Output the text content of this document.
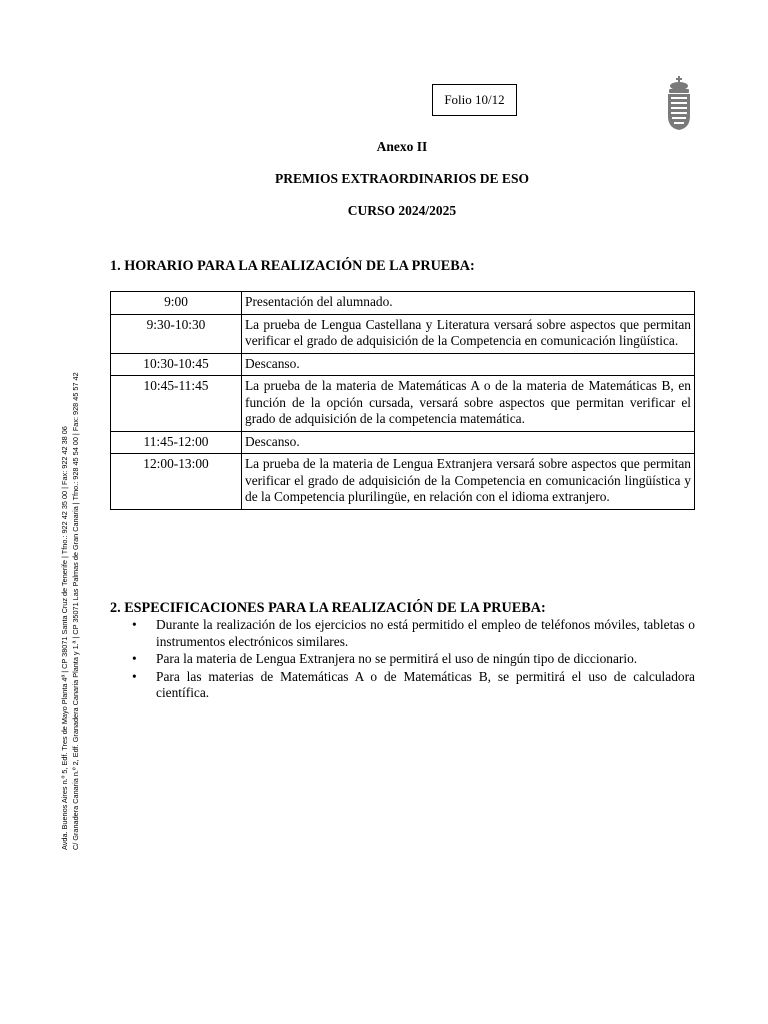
Folio 10/12
Anexo II
PREMIOS EXTRAORDINARIOS DE ESO
CURSO 2024/2025
1. HORARIO PARA LA REALIZACIÓN DE LA PRUEBA:
9:00	Presentación del alumnado.
9:30-10:30	La prueba de Lengua Castellana y Literatura versará sobre aspectos que permitan verificar el grado de adquisición de la Competencia en comunicación lingüística.
10:30-10:45	Descanso.
10:45-11:45	La prueba de la materia de Matemáticas A o de la materia de Matemáticas B, en función de la opción cursada, versará sobre aspectos que permitan verificar el grado de adquisición de la competencia matemática.
11:45-12:00	Descanso.
12:00-13:00	La prueba de la materia de Lengua Extranjera versará sobre aspectos que permitan verificar el grado de adquisición de la Competencia en comunicación lingüística y de la Competencia plurilingüe, en relación con el idioma extranjero.
2. ESPECIFICACIONES PARA LA REALIZACIÓN DE LA PRUEBA:
• Durante la realización de los ejercicios no está permitido el empleo de teléfonos móviles, tabletas o instrumentos electrónicos similares.
• Para la materia de Lengua Extranjera no se permitirá el uso de ningún tipo de diccionario.
• Para las materias de Matemáticas A o de Matemáticas B, se permitirá el uso de calculadora científica.
Avda. Buenos Aires n.º 5, Edf. Tres de Mayo Planta 4ª | CP 38071 Santa Cruz de Tenerife | Tfno.: 922 42 35 00 | Fax: 922 42 38 06 C/ Granadera Canaria n.º 2, Edf. Granadera Canaria Planta y 1.ª | CP 35071 Las Palmas de Gran Canaria | Tfno.: 928 45 54 00 | Fax: 928 45 57 42
